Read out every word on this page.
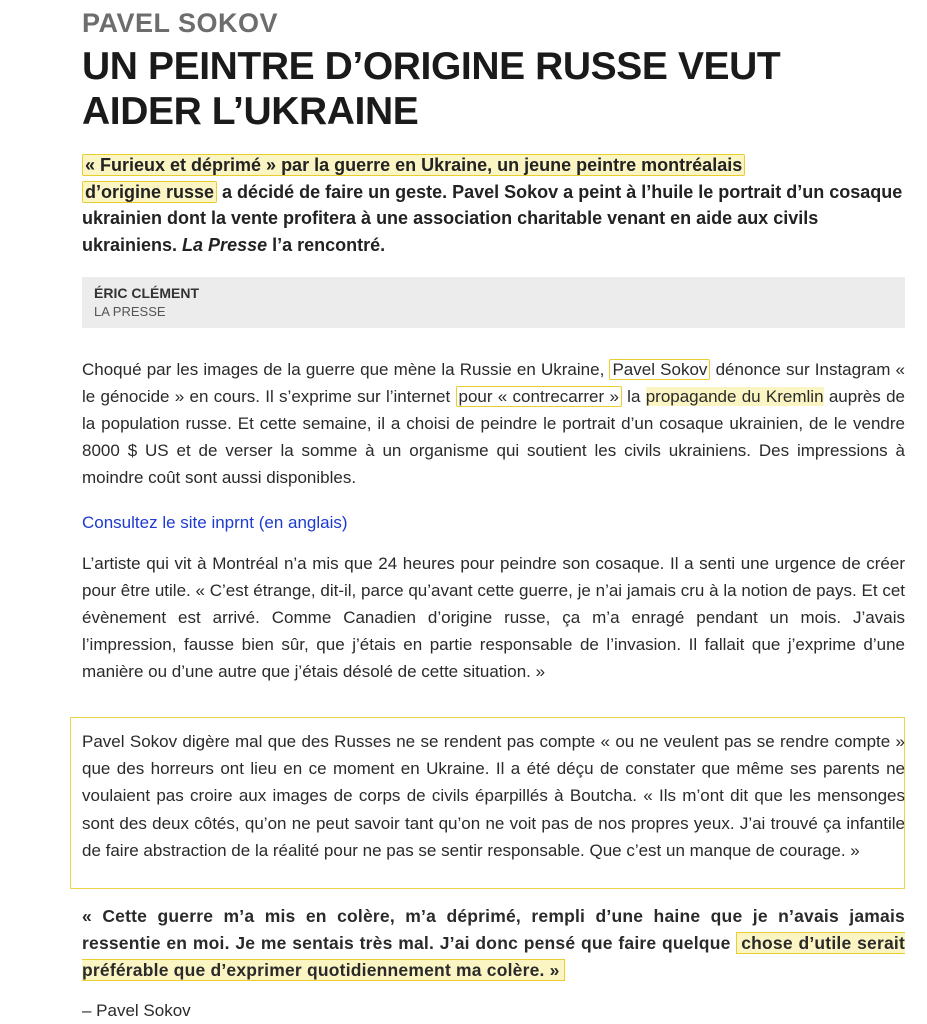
PAVEL SOKOV
UN PEINTRE D’ORIGINE RUSSE VEUT AIDER L’UKRAINE

« Furieux et déprimé » par la guerre en Ukraine, un jeune peintre montréalais
d’origine russe a décidé de faire un geste. Pavel Sokov a peint à l’huile le portrait d’un cosaque ukrainien dont la vente profitera à une association charitable venant en aide aux civils ukrainiens. La Presse l’a rencontré.

ÉRIC CLÉMENT
LA PRESSE

Choqué par les images de la guerre que mène la Russie en Ukraine, Pavel Sokov dénonce sur Instagram « le génocide » en cours. Il s’exprime sur l’internet pour « contrecarrer » la propagande du Kremlin auprès de la population russe. Et cette semaine, il a choisi de peindre le portrait d’un cosaque ukrainien, de le vendre 8000 $ US et de verser la somme à un organisme qui soutient les civils ukrainiens. Des impressions à moindre coût sont aussi disponibles.

Consultez le site inprnt (en anglais)

L’artiste qui vit à Montréal n’a mis que 24 heures pour peindre son cosaque. Il a senti une urgence de créer pour être utile. « C’est étrange, dit-il, parce qu’avant cette guerre, je n’ai jamais cru à la notion de pays. Et cet évènement est arrivé. Comme Canadien d’origine russe, ça m’a enragé pendant un mois. J’avais l’impression, fausse bien sûr, que j’étais en partie responsable de l’invasion. Il fallait que j’exprime d’une manière ou d’une autre que j’étais désolé de cette situation. »

Pavel Sokov digère mal que des Russes ne se rendent pas compte « ou ne veulent pas se rendre compte » que des horreurs ont lieu en ce moment en Ukraine. Il a été déçu de constater que même ses parents ne voulaient pas croire aux images de corps de civils éparpillés à Boutcha. « Ils m’ont dit que les mensonges sont des deux côtés, qu’on ne peut savoir tant qu’on ne voit pas de nos propres yeux. J’ai trouvé ça infantile de faire abstraction de la réalité pour ne pas se sentir responsable. Que c’est un manque de courage. »

« Cette guerre m’a mis en colère, m’a déprimé, rempli d’une haine que je n’avais jamais ressentie en moi. Je me sentais très mal. J’ai donc pensé que faire quelque chose d’utile serait préférable que d’exprimer quotidiennement ma colère. »

– Pavel Sokov
